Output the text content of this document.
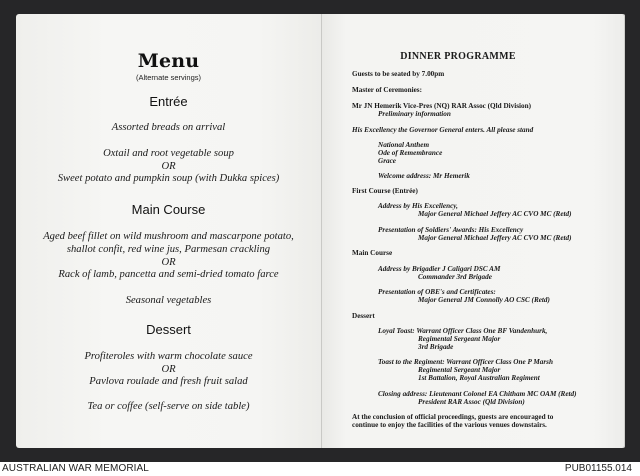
Menu
(Alternate servings)
Entrée
Assorted breads on arrival
Oxtail and root vegetable soup
OR
Sweet potato and pumpkin soup (with Dukka spices)
Main Course
Aged beef fillet on wild mushroom and mascarpone potato,
shallot confit, red wine jus, Parmesan crackling
OR
Rack of lamb, pancetta and semi-dried tomato farce
Seasonal vegetables
Dessert
Profiteroles with warm chocolate sauce
OR
Pavlova roulade and fresh fruit salad
Tea or coffee (self-serve on side table)
DINNER PROGRAMME
Guests to be seated by 7.00pm
Master of Ceremonies:
Mr JN Hemerik Vice-Pres (NQ) RAR Assoc (Qld Division)
Preliminary information
His Excellency the Governor General enters. All please stand
National Anthem
Ode of Remembrance
Grace
Welcome address: Mr Hemerik
First Course (Entrée)
Address by His Excellency,
Major General Michael Jeffery AC CVO MC (Retd)
Presentation of Soldiers' Awards: His Excellency
Major General Michael Jeffery AC CVO MC (Retd)
Main Course
Address by Brigadier J Caligari DSC AM
Commander 3rd Brigade
Presentation of OBE's and Certificates:
Major General JM Connolly AO CSC (Retd)
Dessert
Loyal Toast: Warrant Officer Class One BF Vandenhurk,
Regimental Sergeant Major
3rd Brigade
Toast to the Regiment: Warrant Officer Class One P Marsh
Regimental Sergeant Major
1st Battalion, Royal Australian Regiment
Closing address: Lieutenant Colonel EA Chitham MC OAM (Retd)
President RAR Assoc (Qld Division)
At the conclusion of official proceedings, guests are encouraged to
continue to enjoy the facilities of the various venues downstairs.
AUSTRALIAN WAR MEMORIAL	PUB01155.014
